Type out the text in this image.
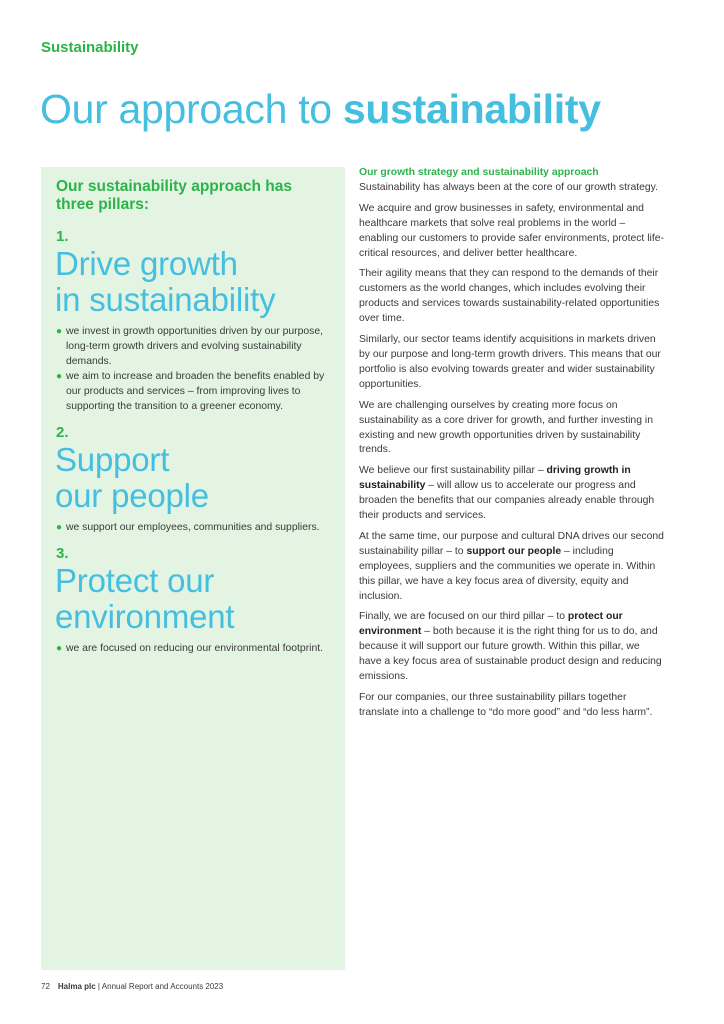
Sustainability
Our approach to sustainability
Our sustainability approach has three pillars:

1.

Drive growth
in sustainability
● we invest in growth opportunities driven by our purpose, long-term growth drivers and evolving sustainability demands.
● we aim to increase and broaden the benefits enabled by our products and services – from improving lives to supporting the transition to a greener economy.

2.

Support
our people
● we support our employees, communities and suppliers.

3.

Protect our
environment
● we are focused on reducing our environmental footprint.
Our growth strategy and sustainability approach

Sustainability has always been at the core of our growth strategy.

We acquire and grow businesses in safety, environmental and healthcare markets that solve real problems in the world – enabling our customers to provide safer environments, protect life-critical resources, and deliver better healthcare.

Their agility means that they can respond to the demands of their customers as the world changes, which includes evolving their products and services towards sustainability-related opportunities over time.

Similarly, our sector teams identify acquisitions in markets driven by our purpose and long-term growth drivers. This means that our portfolio is also evolving towards greater and wider sustainability opportunities.

We are challenging ourselves by creating more focus on sustainability as a core driver for growth, and further investing in existing and new growth opportunities driven by sustainability trends.

We believe our first sustainability pillar – driving growth in sustainability – will allow us to accelerate our progress and broaden the benefits that our companies already enable through their products and services.

At the same time, our purpose and cultural DNA drives our second sustainability pillar – to support our people – including employees, suppliers and the communities we operate in. Within this pillar, we have a key focus area of diversity, equity and inclusion.

Finally, we are focused on our third pillar – to protect our environment – both because it is the right thing for us to do, and because it will support our future growth. Within this pillar, we have a key focus area of sustainable product design and reducing emissions.

For our companies, our three sustainability pillars together translate into a challenge to “do more good” and “do less harm”.

72 Halma plc | Annual Report and Accounts 2023
